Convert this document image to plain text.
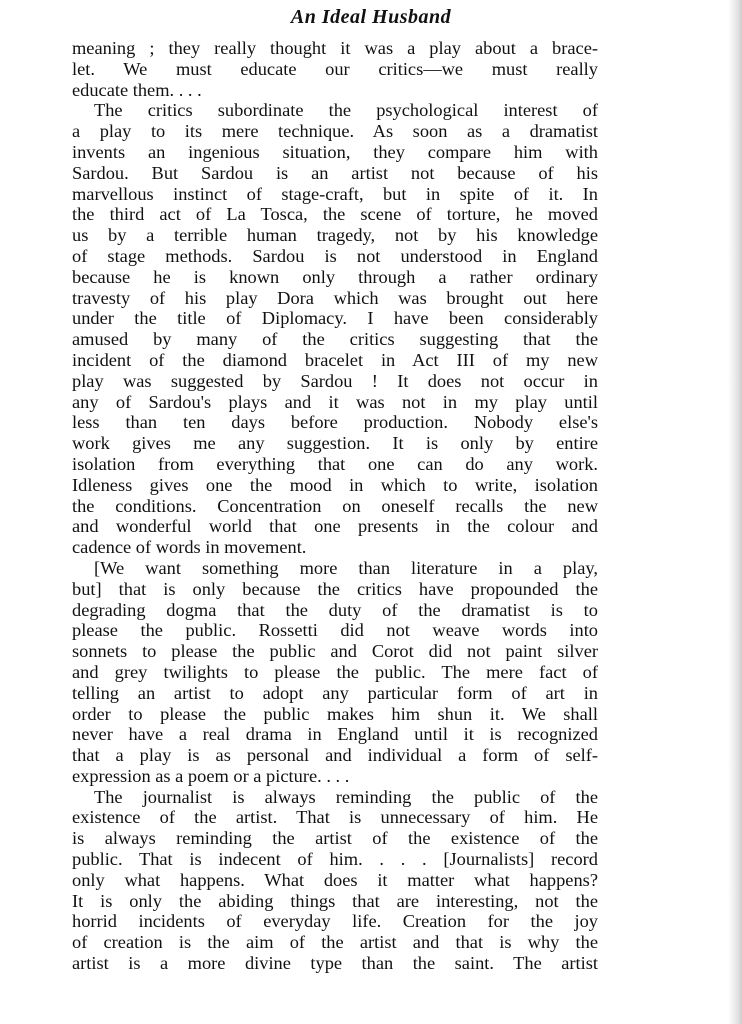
An Ideal Husband
meaning ; they really thought it was a play about a brace-
let. We must educate our critics—we must really
educate them. . . .
The critics subordinate the psychological interest of
a play to its mere technique. As soon as a dramatist
invents an ingenious situation, they compare him with
Sardou. But Sardou is an artist not because of his
marvellous instinct of stage-craft, but in spite of it. In
the third act of La Tosca, the scene of torture, he moved
us by a terrible human tragedy, not by his knowledge
of stage methods. Sardou is not understood in England
because he is known only through a rather ordinary
travesty of his play Dora which was brought out here
under the title of Diplomacy. I have been considerably
amused by many of the critics suggesting that the
incident of the diamond bracelet in Act III of my new
play was suggested by Sardou ! It does not occur in
any of Sardou's plays and it was not in my play until
less than ten days before production. Nobody else's
work gives me any suggestion. It is only by entire
isolation from everything that one can do any work.
Idleness gives one the mood in which to write, isolation
the conditions. Concentration on oneself recalls the new
and wonderful world that one presents in the colour and
cadence of words in movement.
[We want something more than literature in a play,
but] that is only because the critics have propounded the
degrading dogma that the duty of the dramatist is to
please the public. Rossetti did not weave words into
sonnets to please the public and Corot did not paint silver
and grey twilights to please the public. The mere fact of
telling an artist to adopt any particular form of art in
order to please the public makes him shun it. We shall
never have a real drama in England until it is recognized
that a play is as personal and individual a form of self-
expression as a poem or a picture. . . .
The journalist is always reminding the public of the
existence of the artist. That is unnecessary of him. He
is always reminding the artist of the existence of the
public. That is indecent of him. . . . [Journalists] record
only what happens. What does it matter what happens?
It is only the abiding things that are interesting, not the
horrid incidents of everyday life. Creation for the joy
of creation is the aim of the artist and that is why the
artist is a more divine type than the saint. The artist
